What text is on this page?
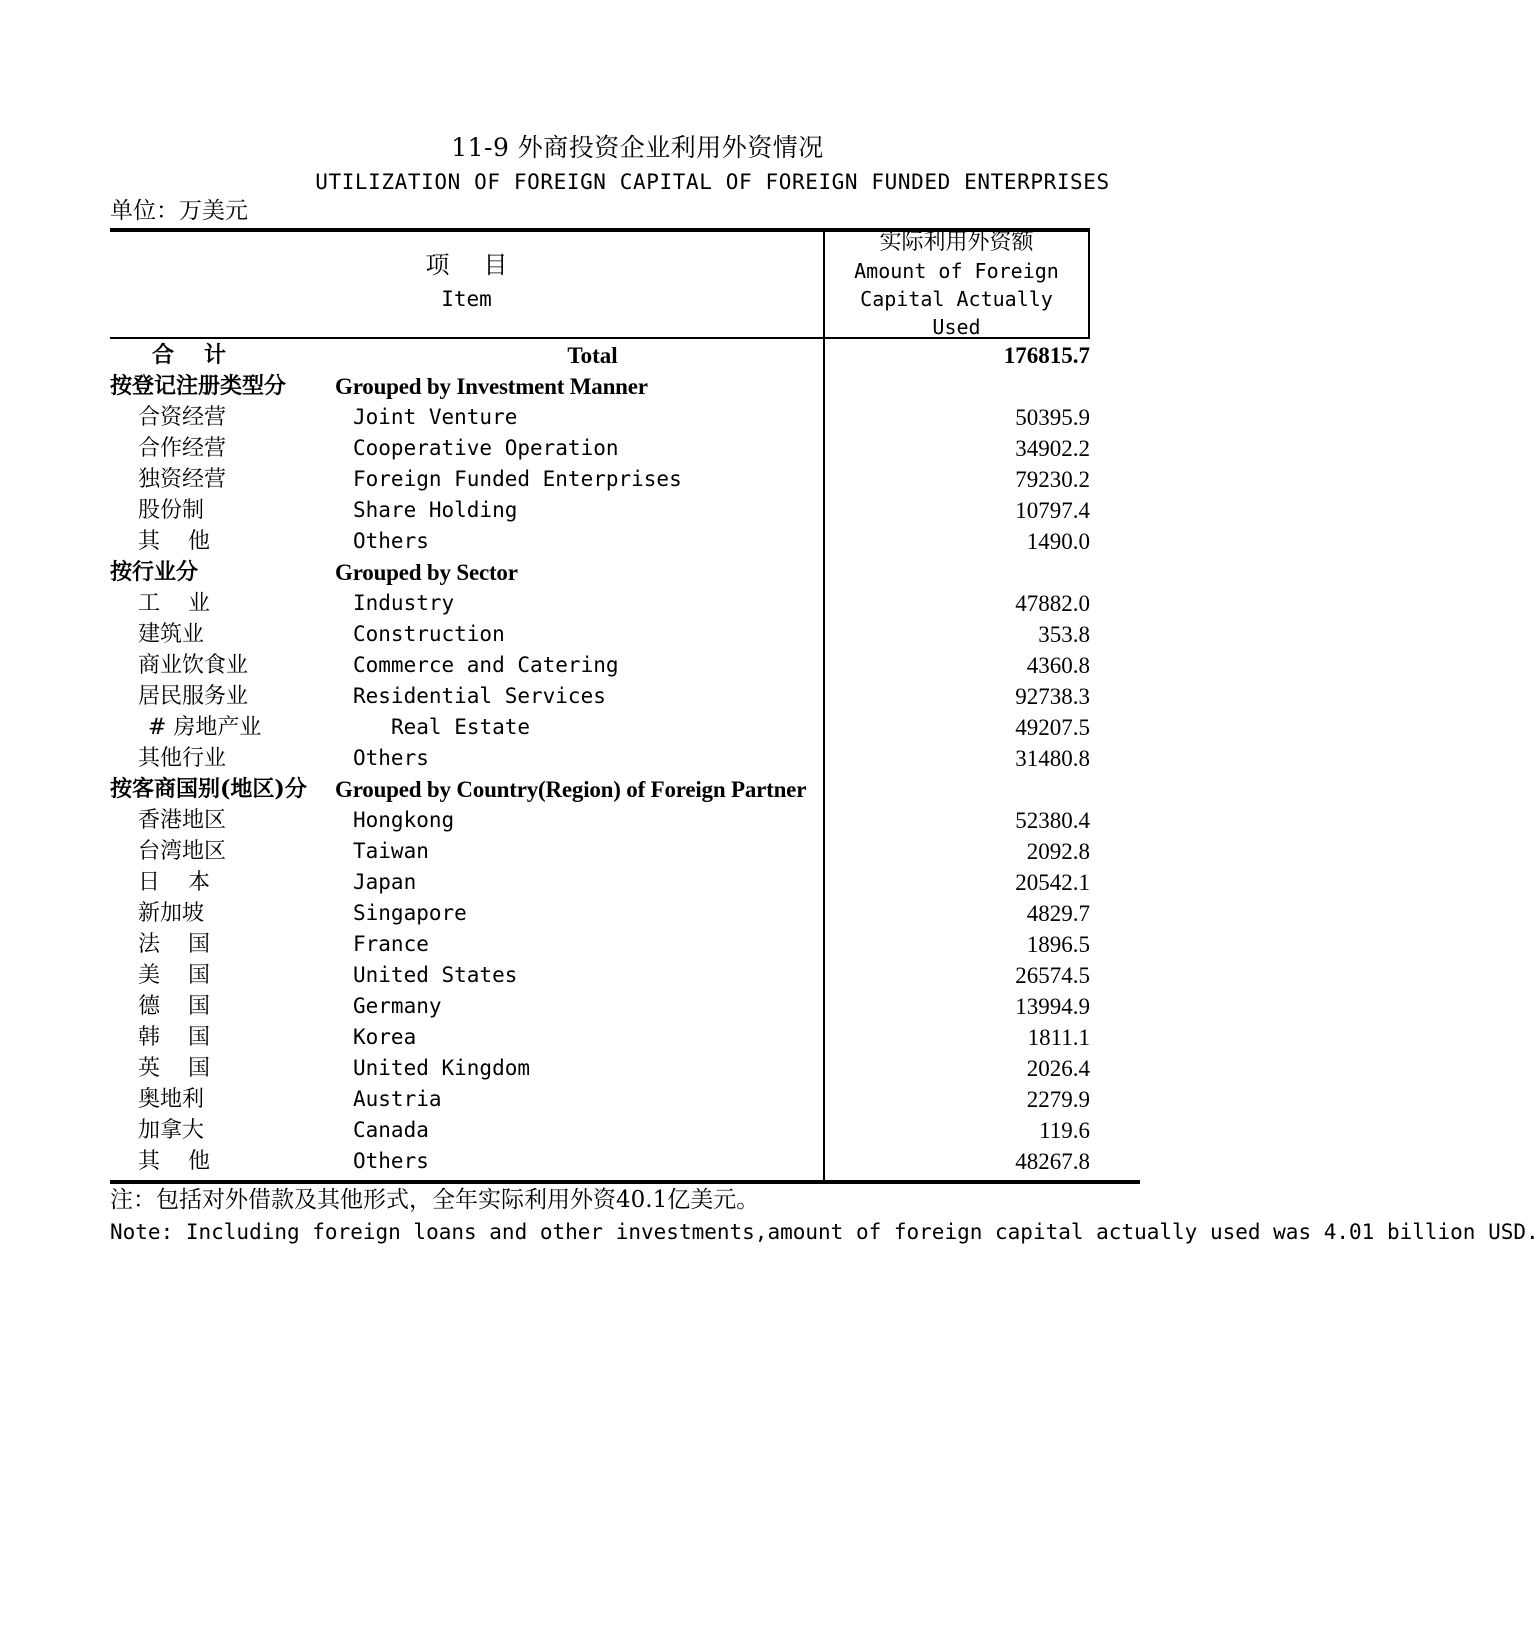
11-9 外商投资企业利用外资情况
UTILIZATION OF FOREIGN CAPITAL OF FOREIGN FUNDED ENTERPRISES
单位：万美元
项目
Item
实际利用外资额
Amount of Foreign
Capital Actually
Used
合计	Total	176815.7
按登记注册类型分	Grouped by Investment Manner
合资经营	Joint Venture	50395.9
合作经营	Cooperative Operation	34902.2
独资经营	Foreign Funded Enterprises	79230.2
股份制	Share Holding	10797.4
其他	Others	1490.0
按行业分	Grouped by Sector
工业	Industry	47882.0
建筑业	Construction	353.8
商业饮食业	Commerce and Catering	4360.8
居民服务业	Residential Services	92738.3
# 房地产业	Real Estate	49207.5
其他行业	Others	31480.8
按客商国别(地区)分	Grouped by Country(Region) of Foreign Partner
香港地区	Hongkong	52380.4
台湾地区	Taiwan	2092.8
日本	Japan	20542.1
新加坡	Singapore	4829.7
法国	France	1896.5
美国	United States	26574.5
德国	Germany	13994.9
韩国	Korea	1811.1
英国	United Kingdom	2026.4
奥地利	Austria	2279.9
加拿大	Canada	119.6
其他	Others	48267.8
注：包括对外借款及其他形式，全年实际利用外资40.1亿美元。
Note: Including foreign loans and other investments,amount of foreign capital actually used was 4.01 billion USD.
